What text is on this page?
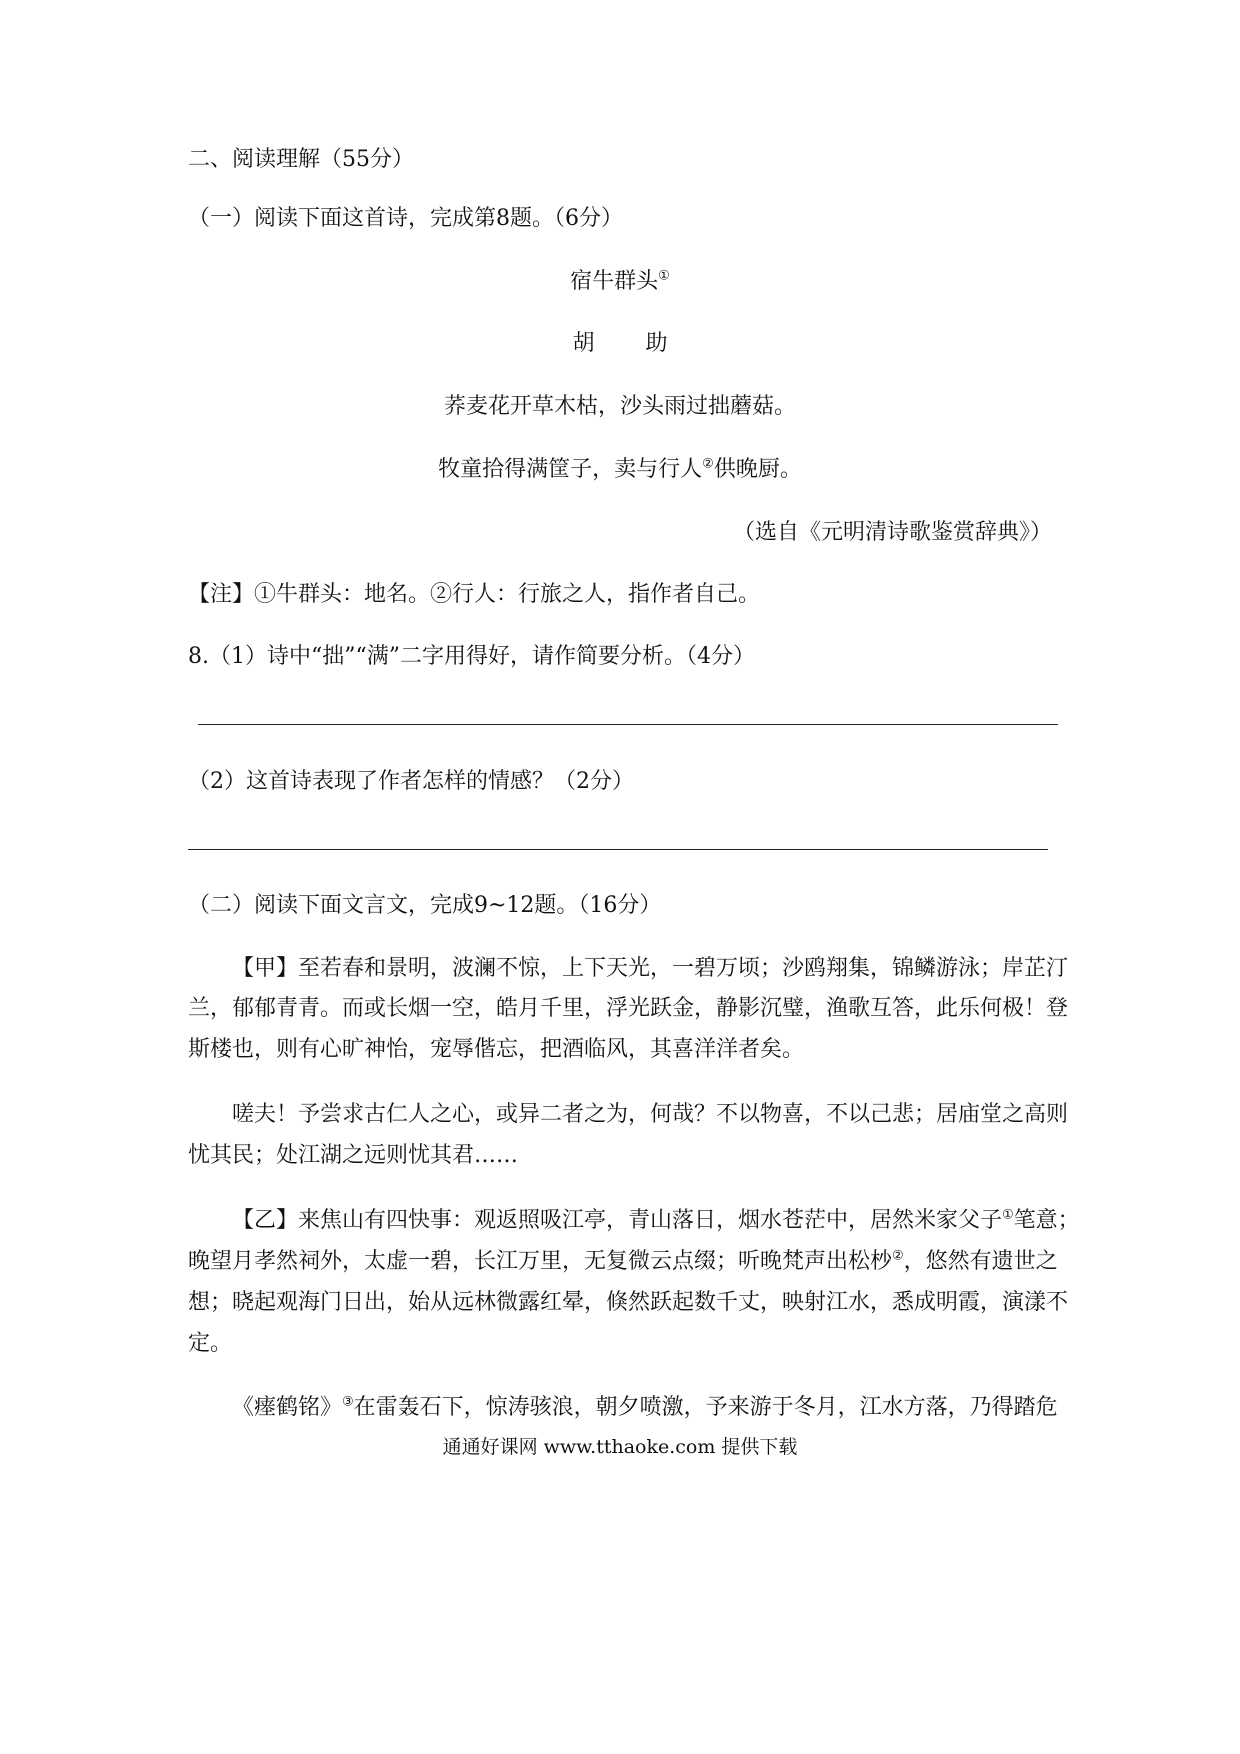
二、阅读理解（55分）
（一）阅读下面这首诗，完成第8题。（6分）
宿牛群头①
胡 助
荞麦花开草木枯，沙头雨过拙蘑菇。
牧童拾得满筐子，卖与行人②供晚厨。
（选自《元明清诗歌鉴赏辞典》）
【注】①牛群头：地名。②行人：行旅之人，指作者自己。
8.（1）诗中“拙”“满”二字用得好，请作简要分析。（4分）
（2）这首诗表现了作者怎样的情感？（2分）
（二）阅读下面文言文，完成9~12题。（16分）
【甲】至若春和景明，波澜不惊，上下天光，一碧万顷；沙鸥翔集，锦鳞游泳；岸芷汀
兰，郁郁青青。而或长烟一空，皓月千里，浮光跃金，静影沉璧，渔歌互答，此乐何极！登
斯楼也，则有心旷神怡，宠辱偕忘，把酒临风，其喜洋洋者矣。
嗟夫！予尝求古仁人之心，或异二者之为，何哉？不以物喜，不以己悲；居庙堂之高则
忧其民；处江湖之远则忧其君……
【乙】来焦山有四快事：观返照吸江亭，青山落日，烟水苍茫中，居然米家父子①笔意；
晚望月孝然祠外，太虚一碧，长江万里，无复微云点缀；听晚梵声出松杪②，悠然有遗世之
想；晓起观海门日出，始从远林微露红晕，倏然跃起数千丈，映射江水，悉成明霞，演漾不
定。
《瘗鹤铭》③在雷轰石下，惊涛骇浪，朝夕喷激，予来游于冬月，江水方落，乃得踏危
通通好课网 www.tthaoke.com 提供下载
